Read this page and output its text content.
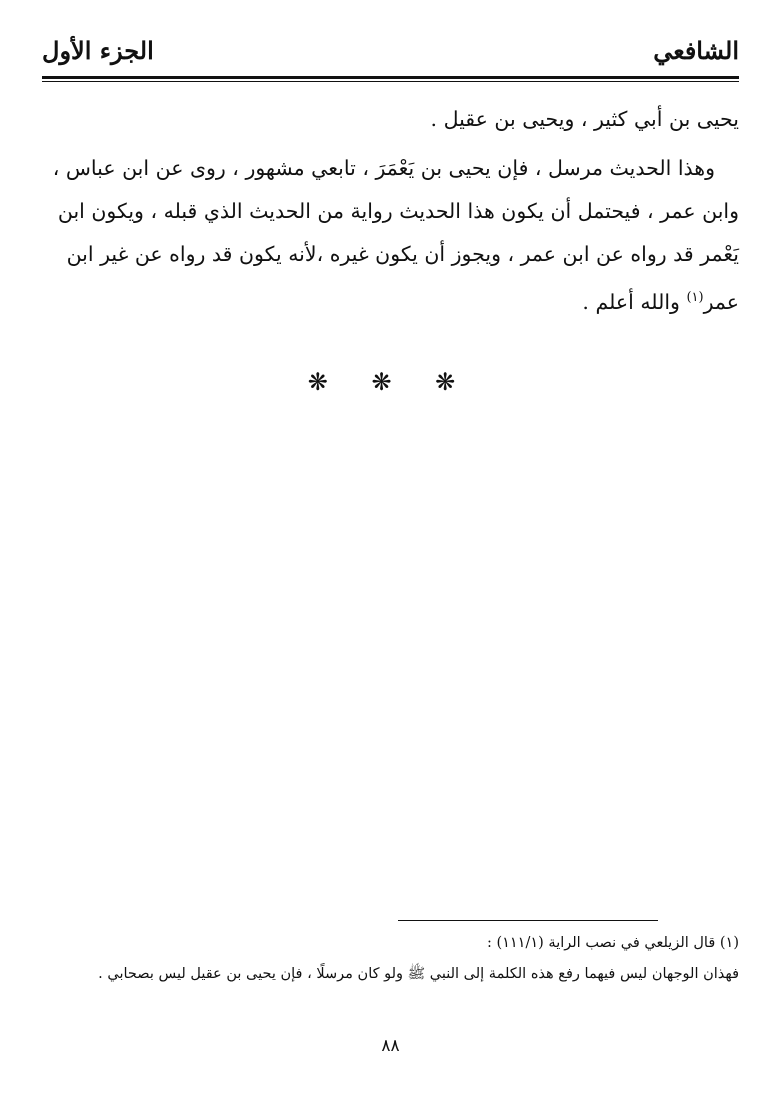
الشافعي
الجزء الأول

يحيى بن أبي كثير ، ويحيى بن عقيل .

وهذا الحديث مرسل ، فإن يحيى بن يَعْمَرَ ، تابعي مشهور ، روى عن ابن عباس ، وابن عمر ، فيحتمل أن يكون هذا الحديث رواية من الحديث الذي قبله ، ويكون ابن يَعْمر قد رواه عن ابن عمر ، ويجوز أن يكون غيره ،لأنه يكون قد رواه عن غير ابن عمر$^{(١)}$ والله أعلم .

❋ ❋ ❋

(١) قال الزيلعي في نصب الراية (١١١/١) :

فهذان الوجهان ليس فيهما رفع هذه الكلمة إلى النبي ﷺ ولو كان مرسلًا ، فإن يحيى بن عقيل ليس بصحابي .

٨٨
